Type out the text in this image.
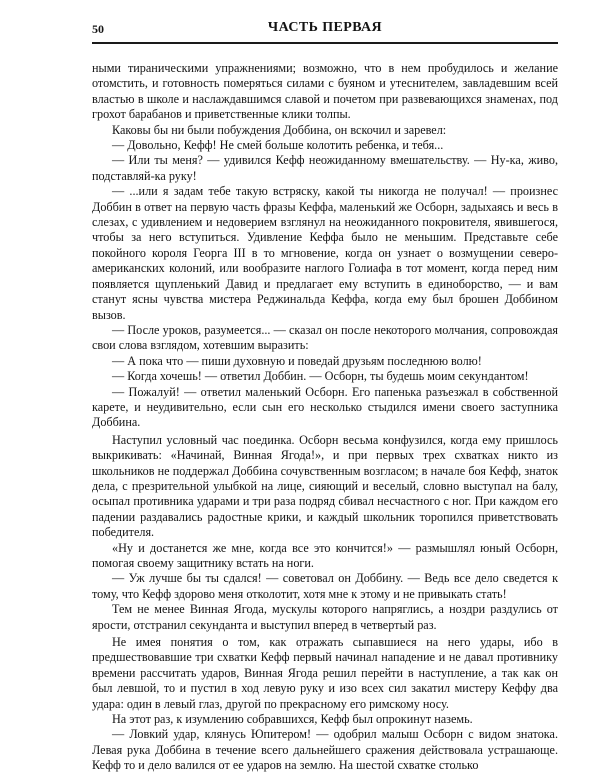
50	ЧАСТЬ ПЕРВАЯ

ными тираническими упражнениями; возможно, что в нем пробудилось и желание отомстить, и готовность померяться силами с буяном и утеснителем, завладевшим всей властью в школе и наслаждавшимся славой и почетом при развевающихся знаменах, под грохот барабанов и приветственные клики толпы.

Каковы бы ни были побуждения Доббина, он вскочил и заревел:

— Довольно, Кефф! Не смей больше колотить ребенка, и тебя...

— Или ты меня? — удивился Кефф неожиданному вмешательству. — Ну-ка, живо, подставляй-ка руку!

— ...или я задам тебе такую встряску, какой ты никогда не получал! — произнес Доббин в ответ на первую часть фразы Кеффа, маленький же Осборн, задыхаясь и весь в слезах, с удивлением и недоверием взглянул на неожиданного покровителя, явившегося, чтобы за него вступиться. Удивление Кеффа было не меньшим. Представьте себе покойного короля Георга III в то мгновение, когда он узнает о возмущении северо-американских колоний, или вообразите наглого Голиафа в тот момент, когда перед ним появляется щупленький Давид и предлагает ему вступить в единоборство, — и вам станут ясны чувства мистера Реджинальда Кеффа, когда ему был брошен Доббином вызов.

— После уроков, разумеется... — сказал он после некоторого молчания, сопровождая свои слова взглядом, хотевшим выразить:

— А пока что — пиши духовную и поведай друзьям последнюю волю!

— Когда хочешь! — ответил Доббин. — Осборн, ты будешь моим секундантом!

— Пожалуй! — ответил маленький Осборн. Его папенька разъезжал в собственной карете, и неудивительно, если сын его несколько стыдился имени своего заступника Доббина.

Наступил условный час поединка. Осборн весьма конфузился, когда ему пришлось выкрикивать: «Начинай, Винная Ягода!», и при первых трех схватках никто из школьников не поддержал Доббина сочувственным возгласом; в начале боя Кефф, знаток дела, с презрительной улыбкой на лице, сияющий и веселый, словно выступал на балу, осыпал противника ударами и три раза подряд сбивал несчастного с ног. При каждом его падении раздавались радостные крики, и каждый школьник торопился приветствовать победителя.

«Ну и достанется же мне, когда все это кончится!» — размышлял юный Осборн, помогая своему защитнику встать на ноги.

— Уж лучше бы ты сдался! — советовал он Доббину. — Ведь все дело сведется к тому, что Кефф здорово меня отколотит, хотя мне к этому и не привыкать стать!

Тем не менее Винная Ягода, мускулы которого напряглись, а ноздри раздулись от ярости, отстранил секунданта и выступил вперед в четвертый раз.

Не имея понятия о том, как отражать сыпавшиеся на него удары, ибо в предшествовавшие три схватки Кефф первый начинал нападение и не давал противнику времени рассчитать ударов, Винная Ягода решил перейти в наступление, а так как он был левшой, то и пустил в ход левую руку и изо всех сил закатил мистеру Кеффу два удара: один в левый глаз, другой по прекрасному его римскому носу.

На этот раз, к изумлению собравшихся, Кефф был опрокинут наземь.

— Ловкий удар, клянусь Юпитером! — одобрил малыш Осборн с видом знатока. Левая рука Доббина в течение всего дальнейшего сражения действовала устрашающе. Кефф то и дело валился от ее ударов на землю. На шестой схватке столько
